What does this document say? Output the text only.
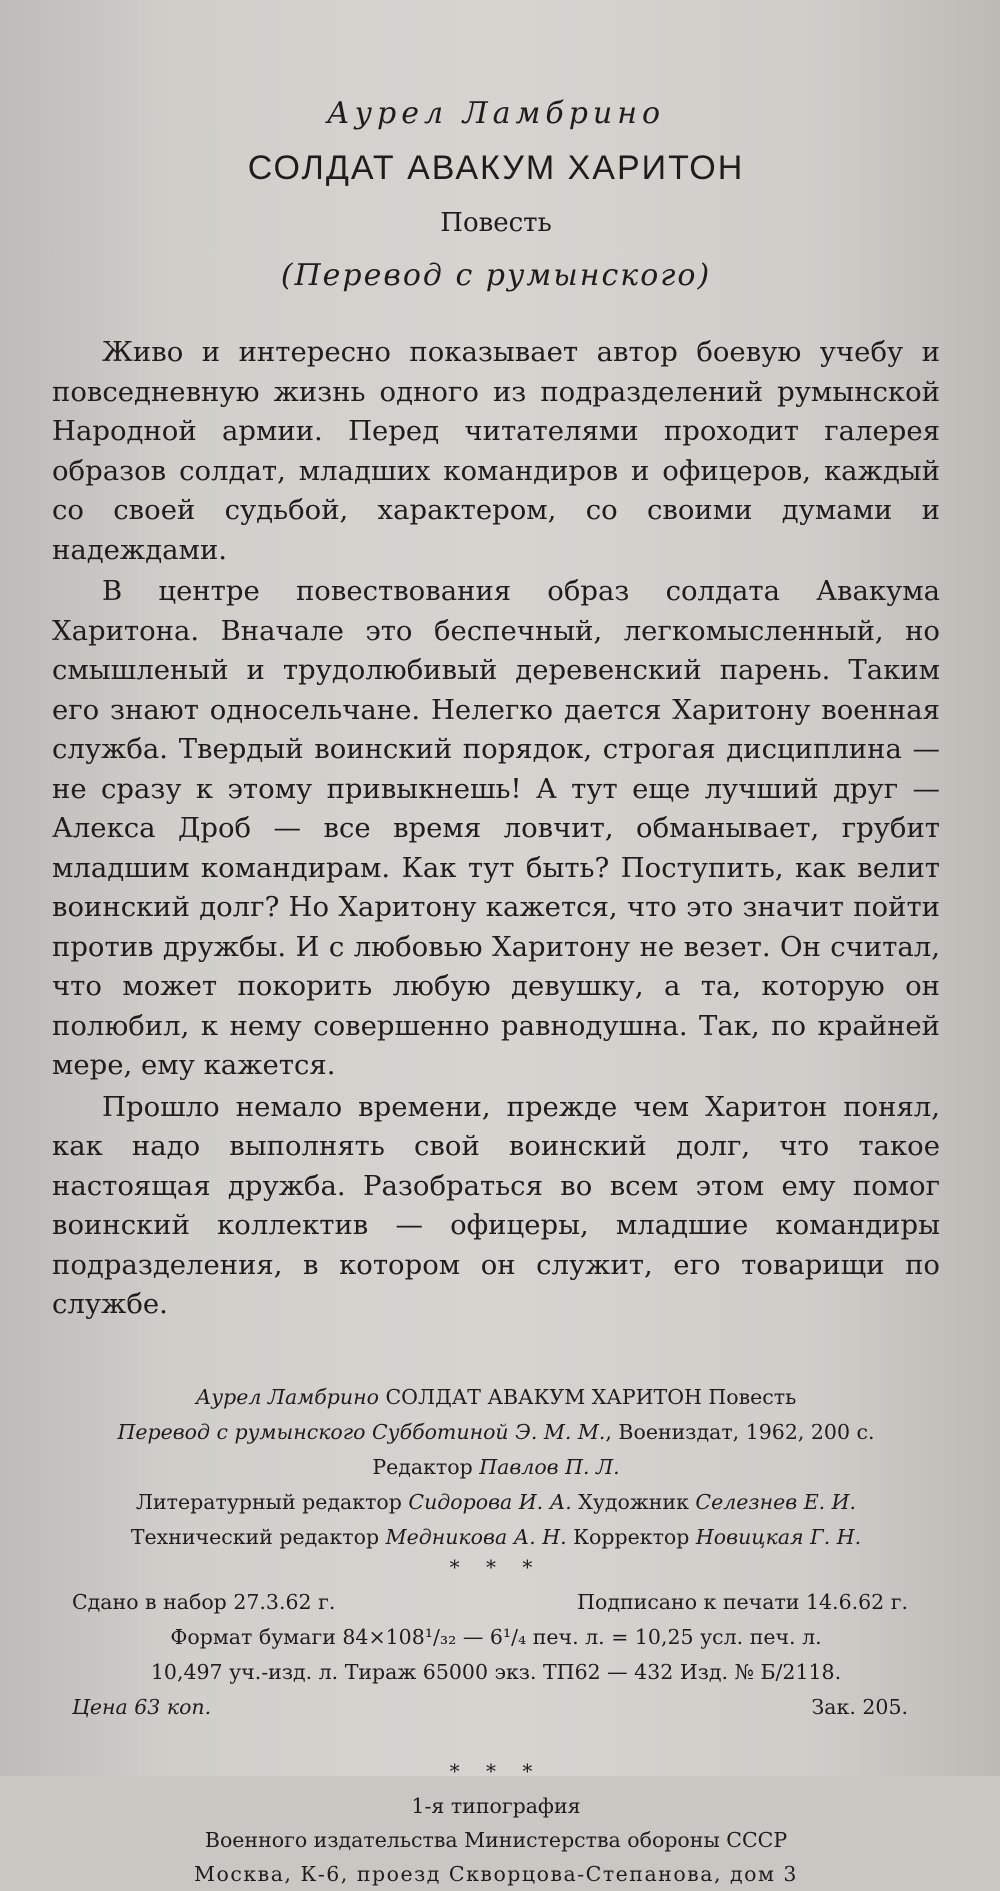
Аурел Ламбрино
СОЛДАТ АВАКУМ ХАРИТОН
Повесть
(Перевод с румынского)

Живо и интересно показывает автор боевую учебу и повседневную жизнь одного из подразделений румынской Народной армии. Перед читателями проходит галерея образов солдат, младших командиров и офицеров, каждый со своей судьбой, характером, со своими думами и надеждами.

В центре повествования образ солдата Авакума Харитона. Вначале это беспечный, легкомысленный, но смышленый и трудолюбивый деревенский парень. Таким его знают односельчане. Нелегко дается Харитону военная служба. Твердый воинский порядок, строгая дисциплина — не сразу к этому привыкнешь! А тут еще лучший друг — Алекса Дроб — все время ловчит, обманывает, грубит младшим командирам. Как тут быть? Поступить, как велит воинский долг? Но Харитону кажется, что это значит пойти против дружбы. И с любовью Харитону не везет. Он считал, что может покорить любую девушку, а та, которую он полюбил, к нему совершенно равнодушна. Так, по крайней мере, ему кажется.

Прошло немало времени, прежде чем Харитон понял, как надо выполнять свой воинский долг, что такое настоящая дружба. Разобраться во всем этом ему помог воинский коллектив — офицеры, младшие командиры подразделения, в котором он служит, его товарищи по службе.

Аурел Ламбрино СОЛДАТ АВАКУМ ХАРИТОН Повесть
Перевод с румынского Субботиной Э. М. М., Воениздат, 1962, 200 с.
Редактор Павлов П. Л.
Литературный редактор Сидорова И. А. Художник Селезнев Е. И.
Технический редактор Медникова А. Н. Корректор Новицкая Г. Н.
* * *
Сдано в набор 27.3.62 г.	Подписано к печати 14.6.62 г.
Формат бумаги 84×108¹/₃₂ — 6¹/₄ печ. л. = 10,25 усл. печ. л.
10,497 уч.-изд. л. Тираж 65000 экз. ТП62 — 432 Изд. № Б/2118.
Цена 63 коп.	Зак. 205.
* * *
1-я типография
Военного издательства Министерства обороны СССР
Москва, К-6, проезд Скворцова-Степанова, дом 3
